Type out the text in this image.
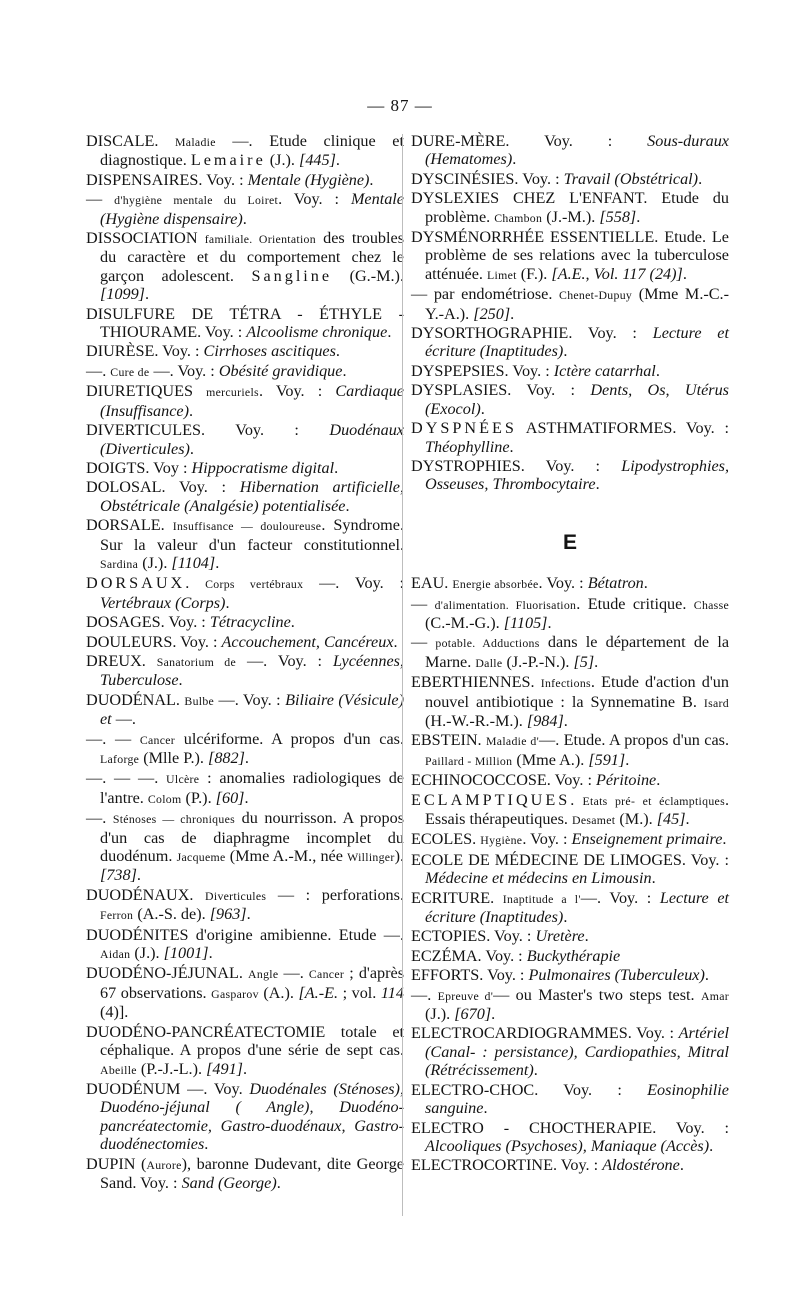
— 87 —
DISCALE. Maladie —. Etude clinique et diagnostique. Lemaire (J.). [445].
DISPENSAIRES. Voy. : Mentale (Hygiène).
— d'hygiène mentale du Loiret. Voy. : Mentale (Hygiène dispensaire).
DISSOCIATION familiale. Orientation des troubles du caractère et du comportement chez le garçon adolescent. Sangline (G.-M.). [1099].
DISULFURE DE TÉTRA - ÉTHYLE - THIOURAME. Voy. : Alcoolisme chronique.
DIURÈSE. Voy. : Cirrhoses ascitiques.
—. Cure de —. Voy. : Obésité gravidique.
DIURETIQUES mercuriels. Voy. : Cardiaque (Insuffisance).
DIVERTICULES. Voy. : Duodénaux (Diverticules).
DOIGTS. Voy : Hippocratisme digital.
DOLOSAL. Voy. : Hibernation artificielle, Obstétricale (Analgésie) potentialisée.
DORSALE. Insuffisance — douloureuse. Syndrome. Sur la valeur d'un facteur constitutionnel. Sardina (J.). [1104].
DORSAUX. Corps vertébraux —. Voy. : Vertébraux (Corps).
DOSAGES. Voy. : Tétracycline.
DOULEURS. Voy. : Accouchement, Cancéreux.
DREUX. Sanatorium de —. Voy. : Lycéennes, Tuberculose.
DUODÉNAL. Bulbe —. Voy. : Biliaire (Vésicule) et —.
—. — Cancer ulcériforme. A propos d'un cas. Laforge (Mlle P.). [882].
—. — —. Ulcère : anomalies radiologiques de l'antre. Colom (P.). [60].
—. Sténoses — chroniques du nourrisson. A propos d'un cas de diaphragme incomplet du duodénum. Jacqueme (Mme A.-M., née Willinger). [738].
DUODÉNAUX. Diverticules — : perforations. Ferron (A.-S. de). [963].
DUODÉNITES d'origine amibienne. Etude —. Aidan (J.). [1001].
DUODÉNO-JÉJUNAL. Angle —. Cancer ; d'après 67 observations. Gasparov (A.). [A.-E. ; vol. 114 (4)].
DUODÉNO-PANCRÉATECTOMIE totale et céphalique. A propos d'une série de sept cas. Abeille (P.-J.-L.). [491].
DUODÉNUM —. Voy. Duodénales (Sténoses), Duodéno-jéjunal ( Angle), Duodéno-pancréatectomie, Gastro-duodénaux, Gastro-duodénectomies.
DUPIN (Aurore), baronne Dudevant, dite George Sand. Voy. : Sand (George).
DURE-MÈRE. Voy. : Sous-duraux (Hematomes).
DYSCINÉSIES. Voy. : Travail (Obstétrical).
DYSLEXIES CHEZ L'ENFANT. Etude du problème. Chambon (J.-M.). [558].
DYSMÉNORRHÉE ESSENTIELLE. Etude. Le problème de ses relations avec la tuberculose atténuée. Limet (F.). [A.E., Vol. 117 (24)].
— par endométriose. Chenet-Dupuy (Mme M.-C.-Y.-A.). [250].
DYSORTHOGRAPHIE. Voy. : Lecture et écriture (Inaptitudes).
DYSPEPSIES. Voy. : Ictère catarrhal.
DYSPLASIES. Voy. : Dents, Os, Utérus (Exocol).
DYSPNÉES ASTHMATIFORMES. Voy. : Théophylline.
DYSTROPHIES. Voy. : Lipodystrophies, Osseuses, Thrombocytaire.
E
EAU. Energie absorbée. Voy. : Bétatron.
— d'alimentation. Fluorisation. Etude critique. Chasse (C.-M.-G.). [1105].
— potable. Adductions dans le département de la Marne. Dalle (J.-P.-N.). [5].
EBERTHIENNES. Infections. Etude d'action d'un nouvel antibiotique : la Synnematine B. Isard (H.-W.-R.-M.). [984].
EBSTEIN. Maladie d'—. Etude. A propos d'un cas. Paillard - Million (Mme A.). [591].
ECHINOCOCCOSE. Voy. : Péritoine.
ECLAMPTIQUES. Etats pré- et éclamptiques. Essais thérapeutiques. Desamet (M.). [45].
ECOLES. Hygiène. Voy. : Enseignement primaire.
ECOLE DE MÉDECINE DE LIMOGES. Voy. : Médecine et médecins en Limousin.
ECRITURE. Inaptitude a l'—. Voy. : Lecture et écriture (Inaptitudes).
ECTOPIES. Voy. : Uretère.
ECZÉMA. Voy. : Buckythérapie
EFFORTS. Voy. : Pulmonaires (Tuberculeux).
—. Epreuve d'— ou Master's two steps test. Amar (J.). [670].
ELECTROCARDIOGRAMMES. Voy. : Artériel (Canal- : persistance), Cardiopathies, Mitral (Rétrécissement).
ELECTRO-CHOC. Voy. : Eosinophilie sanguine.
ELECTRO - CHOCTHERAPIE. Voy. : Alcooliques (Psychoses), Maniaque (Accès).
ELECTROCORTINE. Voy. : Aldostérone.
